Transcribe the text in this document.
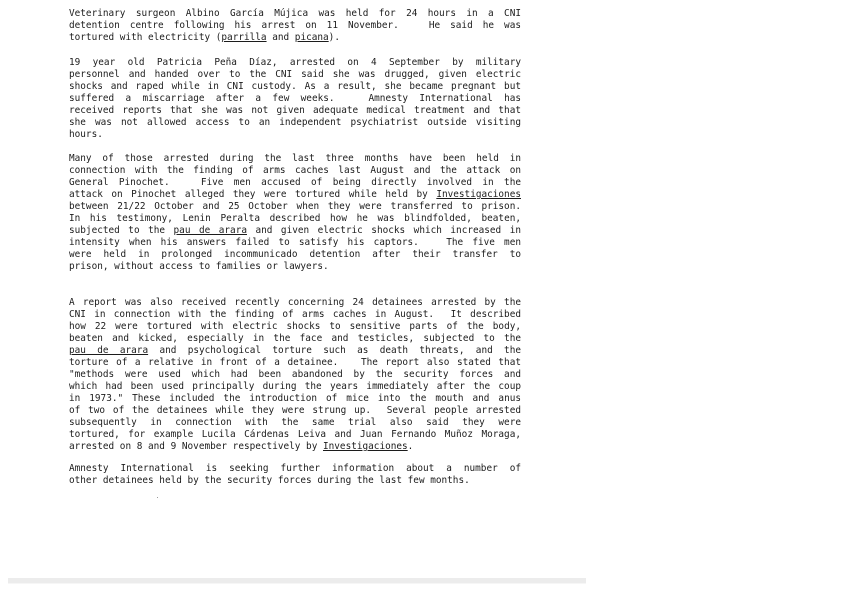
Veterinary surgeon Albino García Mújica was held for 24 hours in a CNI
detention centre following his arrest on 11 November.   He said he was
tortured with electricity (parrilla and picana).
19 year old Patricia Peña Díaz, arrested on 4 September by military
personnel and handed over to the CNI said she was drugged, given electric
shocks and raped while in CNI custody. As a result, she became pregnant but
suffered a miscarriage after a few weeks.   Amnesty International has
received reports that she was not given adequate medical treatment and that
she was not allowed access to an independent psychiatrist outside visiting
hours.
Many of those arrested during the last three months have been held in
connection with the finding of arms caches last August and the attack on
General Pinochet.   Five men accused of being directly involved in the
attack on Pinochet alleged they were tortured while held by Investigaciones
between 21/22 October and 25 October when they were transferred to prison.
In his testimony, Lenin Peralta described how he was blindfolded, beaten,
subjected to the pau de arara and given electric shocks which increased in
intensity when his answers failed to satisfy his captors.   The five men
were held in prolonged incommunicado detention after their transfer to
prison, without access to families or lawyers.
A report was also received recently concerning 24 detainees arrested by the
CNI in connection with the finding of arms caches in August.  It described
how 22 were tortured with electric shocks to sensitive parts of the body,
beaten and kicked, especially in the face and testicles, subjected to the
pau de arara and psychological torture such as death threats, and the
torture of a relative in front of a detainee.   The report also stated that
"methods were used which had been abandoned by the security forces and
which had been used principally during the years immediately after the coup
in 1973." These included the introduction of mice into the mouth and anus
of two of the detainees while they were strung up.  Several people arrested
subsequently in connection with the same trial also said they were
tortured, for example Lucila Cárdenas Leiva and Juan Fernando Muñoz Moraga,
arrested on 8 and 9 November respectively by Investigaciones.
Amnesty International is seeking further information about a number of
other detainees held by the security forces during the last few months.
